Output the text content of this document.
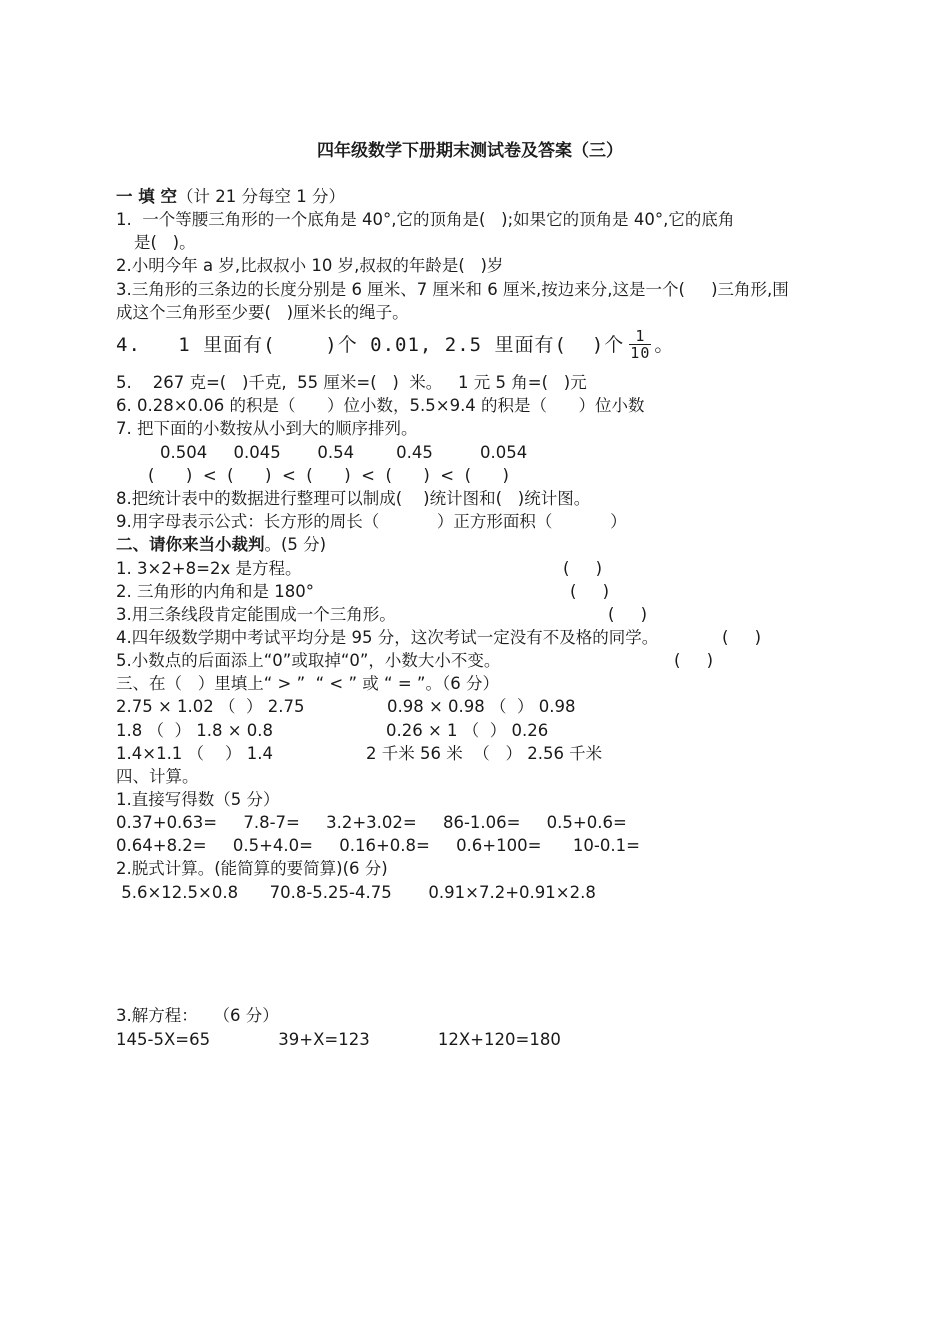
四年级数学下册期末测试卷及答案（三）

一 填 空（计 21 分每空 1 分）

1.  一个等腰三角形的一个底角是 40°,它的顶角是(   );如果它的顶角是 40°,它的底角

是(   )。

2.小明今年 a 岁,比叔叔小 10 岁,叔叔的年龄是(   )岁

3.三角形的三条边的长度分别是 6 厘米、7 厘米和 6 厘米,按边来分,这是一个(     )三角形,围

成这个三角形至少要(   )厘米长的绳子。

4.   1 里面有(    )个 0.01, 2.5 里面有(  )个 $\frac{1}{10}$ 。

5.    267 克=(   )千克,  55 厘米=(   )  米。   1 元 5 角=(   )元

6. 0.28×0.06 的积是（      ）位小数，5.5×9.4 的积是（      ）位小数

7. 把下面的小数按从小到大的顺序排列。

0.504     0.045       0.54        0.45         0.054

(      )  <  (      )  <  (      )  <  (      )  <  (      )

8.把统计表中的数据进行整理可以制成(    )统计图和(   )统计图。

9.用字母表示公式：长方形的周长（           ）正方形面积（           ）

二、请你来当小裁判。(5 分)

1. 3×2+8=2x 是方程。	(     )

2. 三角形的内角和是 180°	(     )

3.用三条线段肯定能围成一个三角形。	(     )

4.四年级数学期中考试平均分是 95 分，这次考试一定没有不及格的同学。	(     )

5.小数点的后面添上“0”或取掉“0”，小数大小不变。	(     )

三、在（   ）里填上“ > ”  “ < ” 或 “ = ”。（6 分）

2.75 × 1.02 （  ） 2.75	0.98 × 0.98 （  ） 0.98

1.8 （  ） 1.8 × 0.8	0.26 × 1 （  ） 0.26

1.4×1.1 （    ） 1.4	2 千米 56 米  （   ） 2.56 千米

四、计算。

1.直接写得数（5 分）

0.37+0.63=     7.8-7=     3.2+3.02=     86-1.06=     0.5+0.6=

0.64+8.2=     0.5+4.0=     0.16+0.8=     0.6+100=      10-0.1=

2.脱式计算。(能简算的要简算)(6 分)

5.6×12.5×0.8      70.8-5.25-4.75       0.91×7.2+0.91×2.8

3.解方程：   （6 分）

145-5X=65             39+X=123             12X+120=180
